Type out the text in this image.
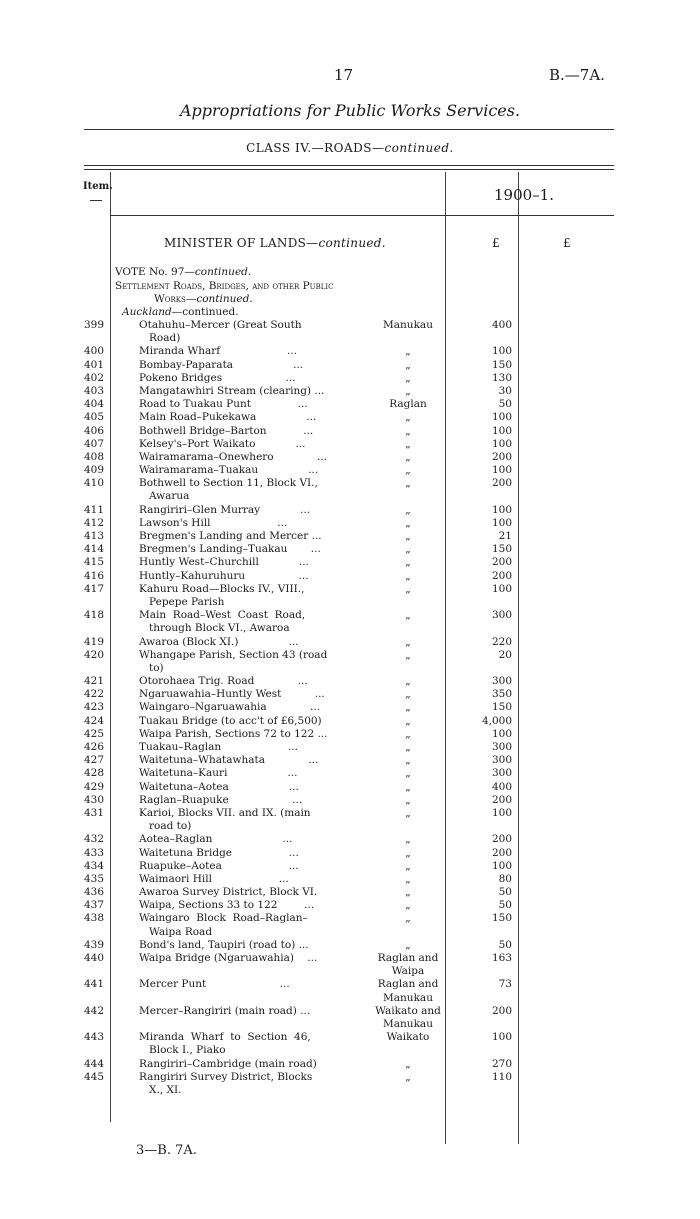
17	B.—7A.
Appropriations for Public Works Services.
CLASS IV.—ROADS—continued.
Item.	1900–1.
MINISTER OF LANDS—continued.	£	£
VOTE No. 97—continued.
Settlement Roads, Bridges, and other Public
Works—continued.
Auckland—continued.
399	Otahuhu–Mercer (Great South	Manukau	400
Road)
400	Miranda Wharf                    ...	„	100
401	Bombay-Paparata                  ...	„	150
402	Pokeno Bridges                   ...	„	130
403	Mangatawhiri Stream (clearing) ...	„	30
404	Road to Tuakau Punt              ...	Raglan	50
405	Main Road–Pukekawa               ...	„	100
406	Bothwell Bridge–Barton           ...	„	100
407	Kelsey's–Port Waikato            ...	„	100
408	Wairamarama–Onewhero             ...	„	200
409	Wairamarama–Tuakau               ...	„	100
410	Bothwell to Section 11, Block VI.,	„	200
Awarua
411	Rangiriri–Glen Murray            ...	„	100
412	Lawson's Hill                    ...	„	100
413	Bregmen's Landing and Mercer ...	„	21
414	Bregmen's Landing–Tuakau       ...	„	150
415	Huntly West–Churchill            ...	„	200
416	Huntly–Kahuruhuru                ...	„	200
417	Kahuru Road—Blocks IV., VIII.,	„	100
Pepepe Parish
418	Main  Road–West  Coast  Road,	„	300
through Block VI., Awaroa
419	Awaroa (Block XI.)               ...	„	220
420	Whangape Parish, Section 43 (road	„	20
to)
421	Otorohaea Trig. Road             ...	„	300
422	Ngaruawahia–Huntly West          ...	„	350
423	Waingaro–Ngaruawahia             ...	„	150
424	Tuakau Bridge (to acc't of £6,500)	„	4,000
425	Waipa Parish, Sections 72 to 122 ...	„	100
426	Tuakau–Raglan                    ...	„	300
427	Waitetuna–Whatawhata             ...	„	300
428	Waitetuna–Kauri                  ...	„	300
429	Waitetuna–Aotea                  ...	„	400
430	Raglan–Ruapuke                   ...	„	200
431	Karioi, Blocks VII. and IX. (main	„	100
road to)
432	Aotea–Raglan                     ...	„	200
433	Waitetuna Bridge                 ...	„	200
434	Ruapuke–Aotea                    ...	„	100
435	Waimaori Hill                    ...	„	80
436	Awaroa Survey District, Block VI.	„	50
437	Waipa, Sections 33 to 122        ...	„	50
438	Waingaro  Block  Road–Raglan–	„	150
Waipa Road
439	Bond's land, Taupiri (road to) ...	„	50
440	Waipa Bridge (Ngaruawahia)    ...	Raglan and	163
Waipa
441	Mercer Punt                      ...	Raglan and	73
Manukau
442	Mercer–Rangiriri (main road) ...	Waikato and	200
Manukau
443	Miranda  Wharf  to  Section  46,	Waikato	100
Block I., Piako
444	Rangiriri–Cambridge (main road)	„	270
445	Rangiriri Survey District, Blocks	„	110
X., XI.
3—B. 7A.
